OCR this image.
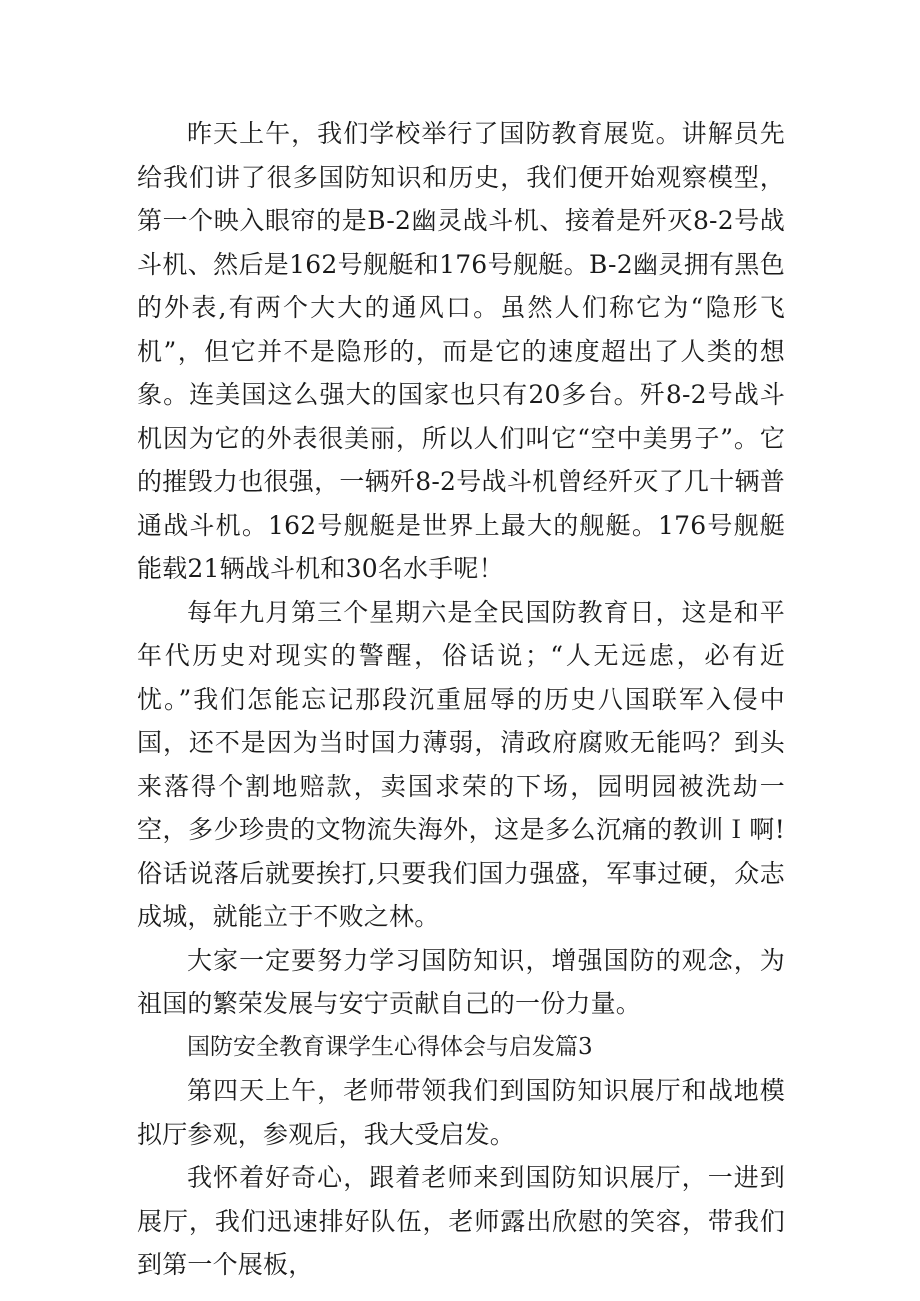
昨天上午，我们学校举行了国防教育展览。讲解员先给我们讲了很多国防知识和历史，我们便开始观察模型，第一个映入眼帘的是B-2幽灵战斗机、接着是歼灭8-2号战斗机、然后是162号舰艇和176号舰艇。B-2幽灵拥有黑色的外表,有两个大大的通风口。虽然人们称它为“隐形飞机”，但它并不是隐形的，而是它的速度超出了人类的想象。连美国这么强大的国家也只有20多台。歼8-2号战斗机因为它的外表很美丽，所以人们叫它“空中美男子”。它的摧毁力也很强，一辆歼8-2号战斗机曾经歼灭了几十辆普通战斗机。162号舰艇是世界上最大的舰艇。176号舰艇能载21辆战斗机和30名水手呢！

每年九月第三个星期六是全民国防教育日，这是和平年代历史对现实的警醒，俗话说；“人无远虑，必有近忧。”我们怎能忘记那段沉重屈辱的历史八国联军入侵中国，还不是因为当时国力薄弱，清政府腐败无能吗？到头来落得个割地赔款，卖国求荣的下场，园明园被洗劫一空，多少珍贵的文物流失海外，这是多么沉痛的教训Ｉ啊!俗话说落后就要挨打,只要我们国力强盛，军事过硬，众志成城，就能立于不败之林。

大家一定要努力学习国防知识，增强国防的观念，为祖国的繁荣发展与安宁贡献自己的一份力量。

国防安全教育课学生心得体会与启发篇3

第四天上午，老师带领我们到国防知识展厅和战地模拟厅参观，参观后，我大受启发。

我怀着好奇心，跟着老师来到国防知识展厅，一进到展厅，我们迅速排好队伍，老师露出欣慰的笑容，带我们到第一个展板，
